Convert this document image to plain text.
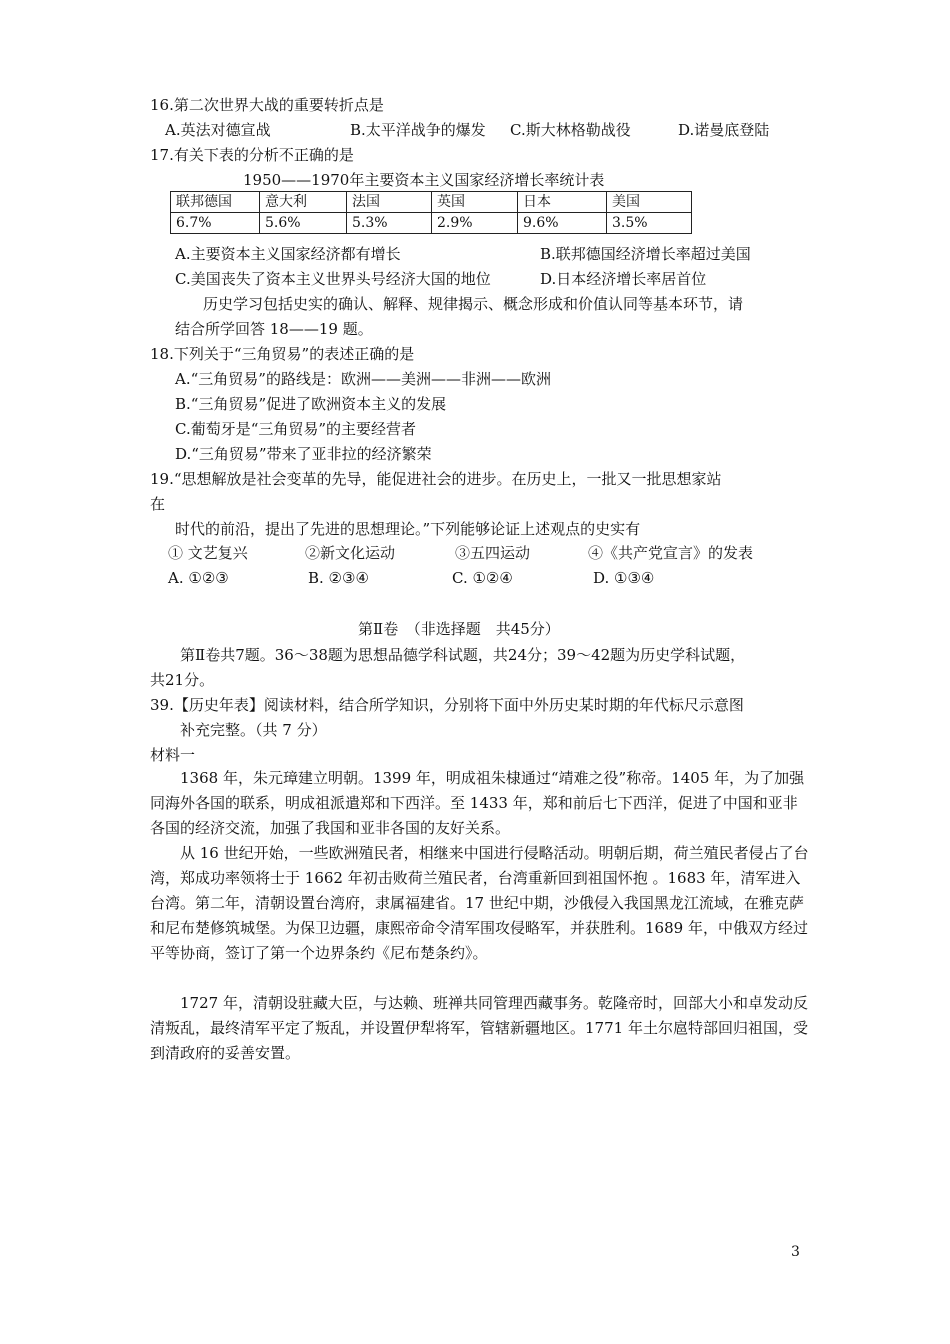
16.第二次世界大战的重要转折点是
A.英法对德宣战	B.太平洋战争的爆发 C.斯大林格勒战役	D.诺曼底登陆
17.有关下表的分析不正确的是
1950——1970年主要资本主义国家经济增长率统计表
联邦德国	意大利	法国	英国	日本	美国
6.7%	5.6%	5.3%	2.9%	9.6%	3.5%
A.主要资本主义国家经济都有增长	B.联邦德国经济增长率超过美国
C.美国丧失了资本主义世界头号经济大国的地位	D.日本经济增长率居首位
历史学习包括史实的确认、解释、规律揭示、概念形成和价值认同等基本环节，请
结合所学回答 18——19 题。
18.下列关于“三角贸易”的表述正确的是
A.“三角贸易”的路线是：欧洲——美洲——非洲——欧洲
B.“三角贸易”促进了欧洲资本主义的发展
C.葡萄牙是“三角贸易”的主要经营者
D.“三角贸易”带来了亚非拉的经济繁荣
19.“思想解放是社会变革的先导，能促进社会的进步。在历史上，一批又一批思想家站
在
时代的前沿，提出了先进的思想理论。”下列能够论证上述观点的史实有
① 文艺复兴	②新文化运动	③五四运动	④《共产党宣言》的发表
A. ①②③	B. ②③④	C. ①②④	D. ①③④
第Ⅱ卷　（非选择题　共45分）
第Ⅱ卷共7题。36～38题为思想品德学科试题，共24分；39～42题为历史学科试题，
共21分。
39.【历史年表】阅读材料，结合所学知识，分别将下面中外历史某时期的年代标尺示意图
补充完整。（共 7 分）
材料一
1368 年，朱元璋建立明朝。1399 年，明成祖朱棣通过“靖难之役”称帝。1405 年，为了加强同海外各国的联系，明成祖派遣郑和下西洋。至 1433 年，郑和前后七下西洋，促进了中国和亚非各国的经济交流，加强了我国和亚非各国的友好关系。
从 16 世纪开始，一些欧洲殖民者，相继来中国进行侵略活动。明朝后期，荷兰殖民者侵占了台湾，郑成功率领将士于 1662 年初击败荷兰殖民者，台湾重新回到祖国怀抱 。1683 年，清军进入台湾。第二年，清朝设置台湾府，隶属福建省。17 世纪中期，沙俄侵入我国黑龙江流域，在雅克萨和尼布楚修筑城堡。为保卫边疆，康熙帝命令清军围攻侵略军，并获胜利。1689 年，中俄双方经过平等协商，签订了第一个边界条约《尼布楚条约》。
1727 年，清朝设驻藏大臣，与达赖、班禅共同管理西藏事务。乾隆帝时，回部大小和卓发动反清叛乱，最终清军平定了叛乱，并设置伊犁将军，管辖新疆地区。1771 年土尔扈特部回归祖国，受到清政府的妥善安置。
3
